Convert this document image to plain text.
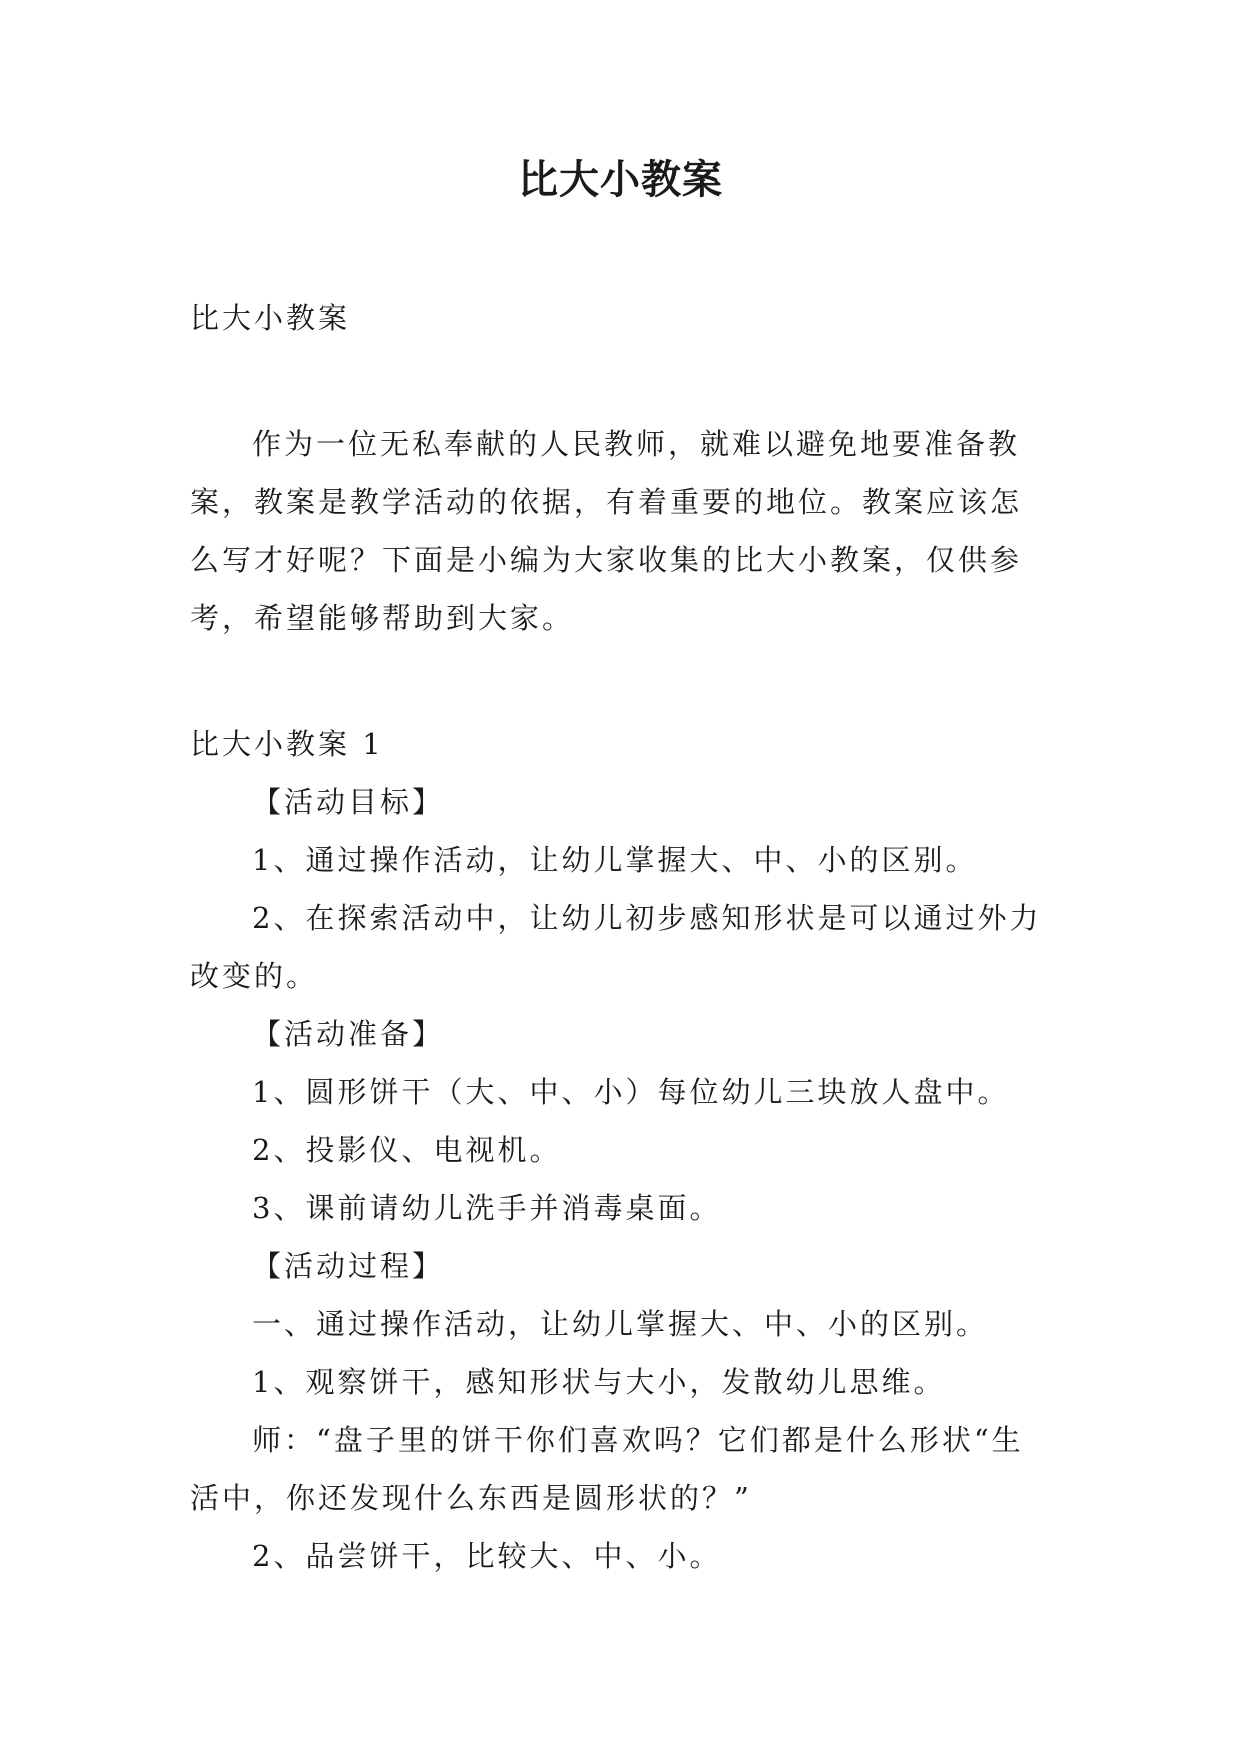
比大小教案

比大小教案

作为一位无私奉献的人民教师，就难以避免地要准备教案，教案是教学活动的依据，有着重要的地位。教案应该怎么写才好呢？下面是小编为大家收集的比大小教案，仅供参考，希望能够帮助到大家。

比大小教案 1

【活动目标】

1、通过操作活动，让幼儿掌握大、中、小的区别。

2、在探索活动中，让幼儿初步感知形状是可以通过外力改变的。

【活动准备】

1、圆形饼干（大、中、小）每位幼儿三块放人盘中。

2、投影仪、电视机。

3、课前请幼儿洗手并消毒桌面。

【活动过程】

一、通过操作活动，让幼儿掌握大、中、小的区别。

1、观察饼干，感知形状与大小，发散幼儿思维。

师：“盘子里的饼干你们喜欢吗？它们都是什么形状“生活中，你还发现什么东西是圆形状的？”

2、品尝饼干，比较大、中、小。
